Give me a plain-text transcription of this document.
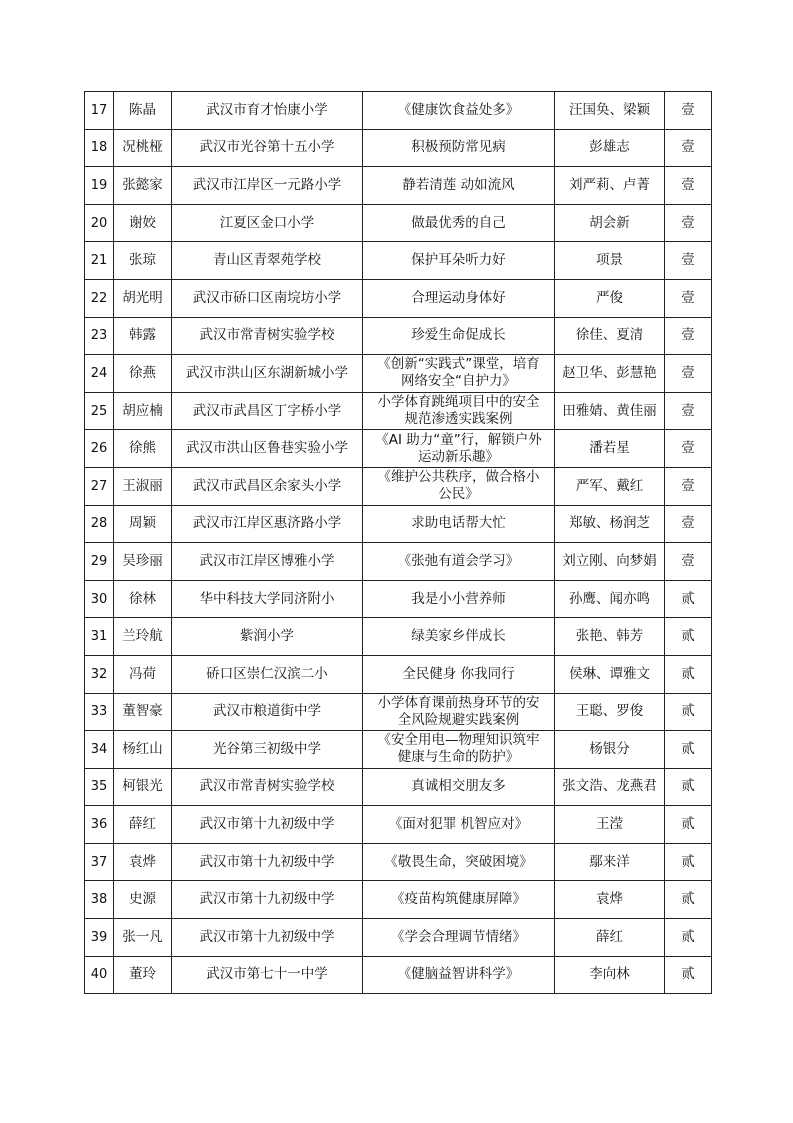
17	陈晶	武汉市育才怡康小学	《健康饮食益处多》	汪国奂、梁颖	壹
18	况桃桠	武汉市光谷第十五小学	积极预防常见病	彭雄志	壹
19	张懿家	武汉市江岸区一元路小学	静若清莲 动如流风	刘严莉、卢菁	壹
20	谢姣	江夏区金口小学	做最优秀的自己	胡会新	壹
21	张琼	青山区青翠苑学校	保护耳朵听力好	项景	壹
22	胡光明	武汉市硚口区南垸坊小学	合理运动身体好	严俊	壹
23	韩露	武汉市常青树实验学校	珍爱生命促成长	徐佳、夏清	壹
24	徐燕	武汉市洪山区东湖新城小学	《创新“实践式”课堂，培育网络安全“自护力》	赵卫华、彭慧艳	壹
25	胡应楠	武汉市武昌区丁字桥小学	小学体育跳绳项目中的安全规范渗透实践案例	田雅婧、黄佳丽	壹
26	徐熊	武汉市洪山区鲁巷实验小学	《AI 助力“童”行，解锁户外运动新乐趣》	潘若星	壹
27	王淑丽	武汉市武昌区余家头小学	《维护公共秩序，做合格小公民》	严军、戴红	壹
28	周颖	武汉市江岸区惠济路小学	求助电话帮大忙	郑敏、杨润芝	壹
29	吴珍丽	武汉市江岸区博雅小学	《张弛有道会学习》	刘立刚、向梦娟	壹
30	徐林	华中科技大学同济附小	我是小小营养师	孙鹰、闻亦鸣	贰
31	兰玲航	紫润小学	绿美家乡伴成长	张艳、韩芳	贰
32	冯荷	硚口区崇仁汉滨二小	全民健身 你我同行	侯琳、谭雅文	贰
33	董智豪	武汉市粮道街中学	小学体育课前热身环节的安全风险规避实践案例	王聪、罗俊	贰
34	杨红山	光谷第三初级中学	《安全用电—物理知识筑牢健康与生命的防护》	杨银分	贰
35	柯银光	武汉市常青树实验学校	真诚相交朋友多	张文浩、龙燕君	贰
36	薛红	武汉市第十九初级中学	《面对犯罪 机智应对》	王滢	贰
37	袁烨	武汉市第十九初级中学	《敬畏生命，突破困境》	鄢来洋	贰
38	史源	武汉市第十九初级中学	《疫苗构筑健康屏障》	袁烨	贰
39	张一凡	武汉市第十九初级中学	《学会合理调节情绪》	薛红	贰
40	董玲	武汉市第七十一中学	《健脑益智讲科学》	李向林	贰
